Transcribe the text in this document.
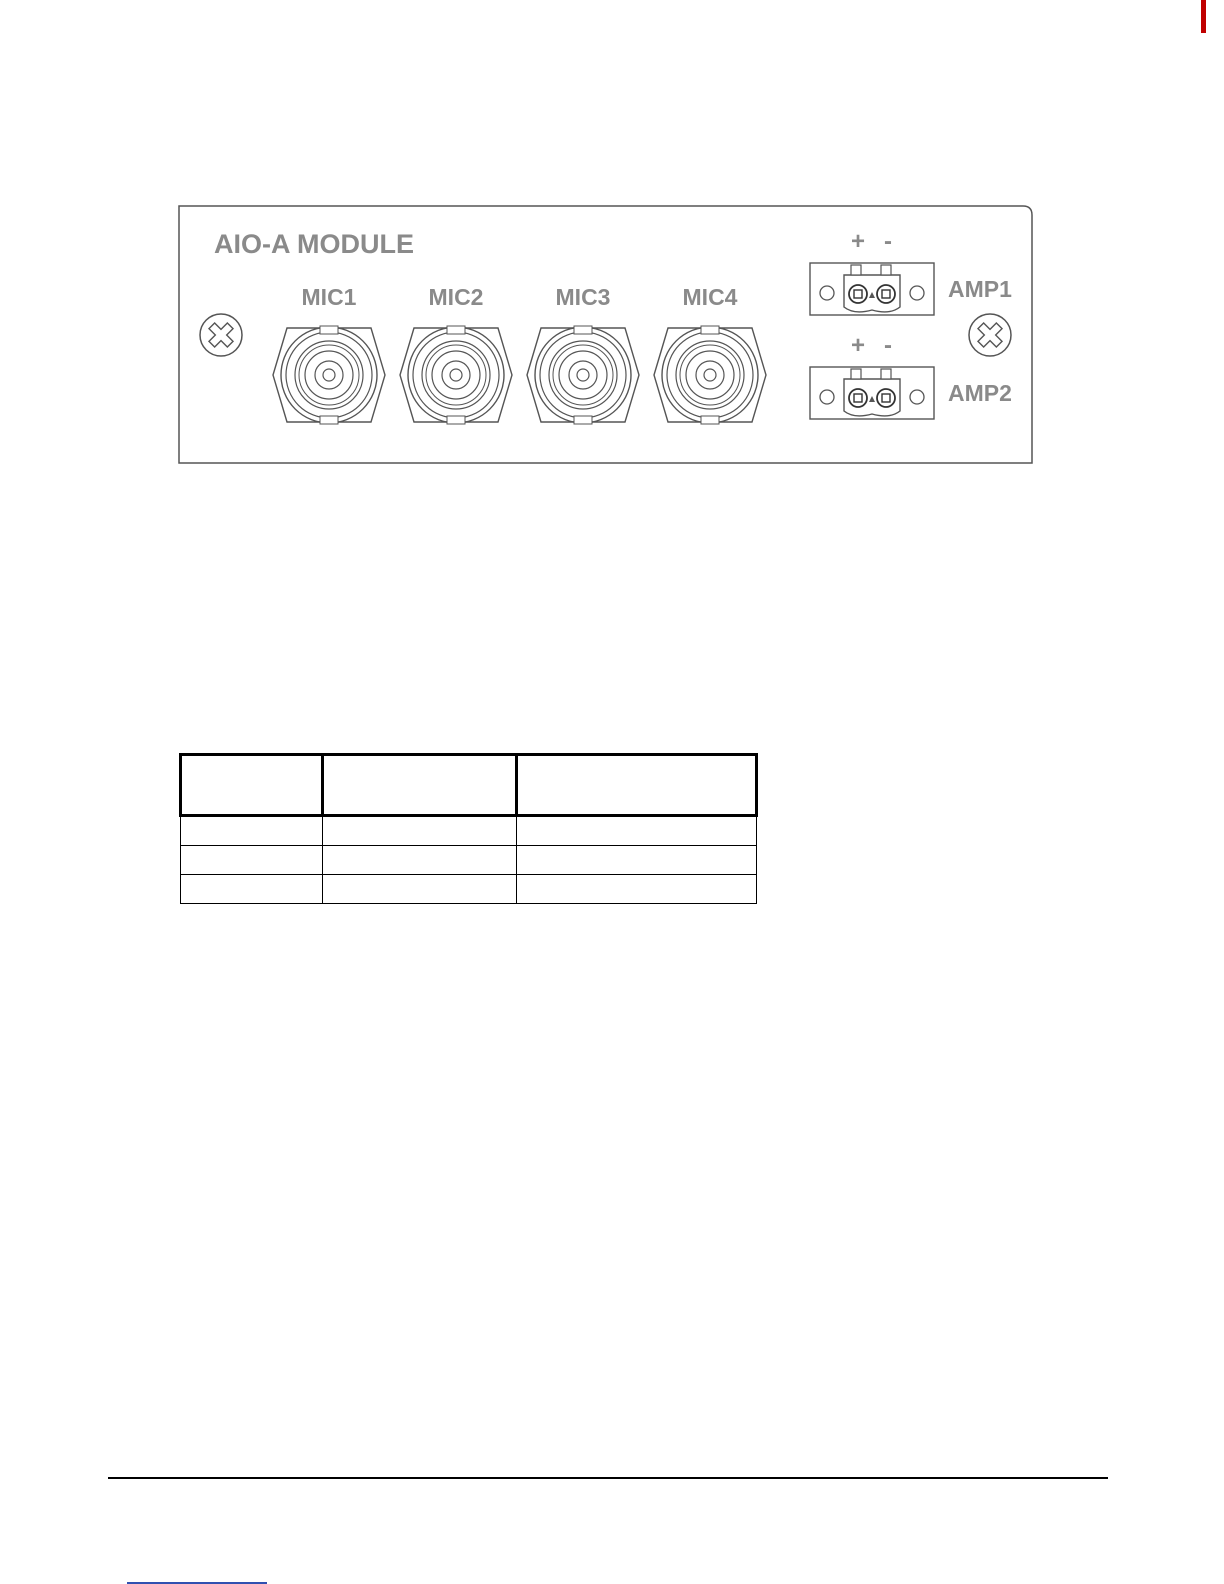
AIO-A MODULE
MIC1	MIC2	MIC3	MIC4
+ -
AMP1
+ -
AMP2
